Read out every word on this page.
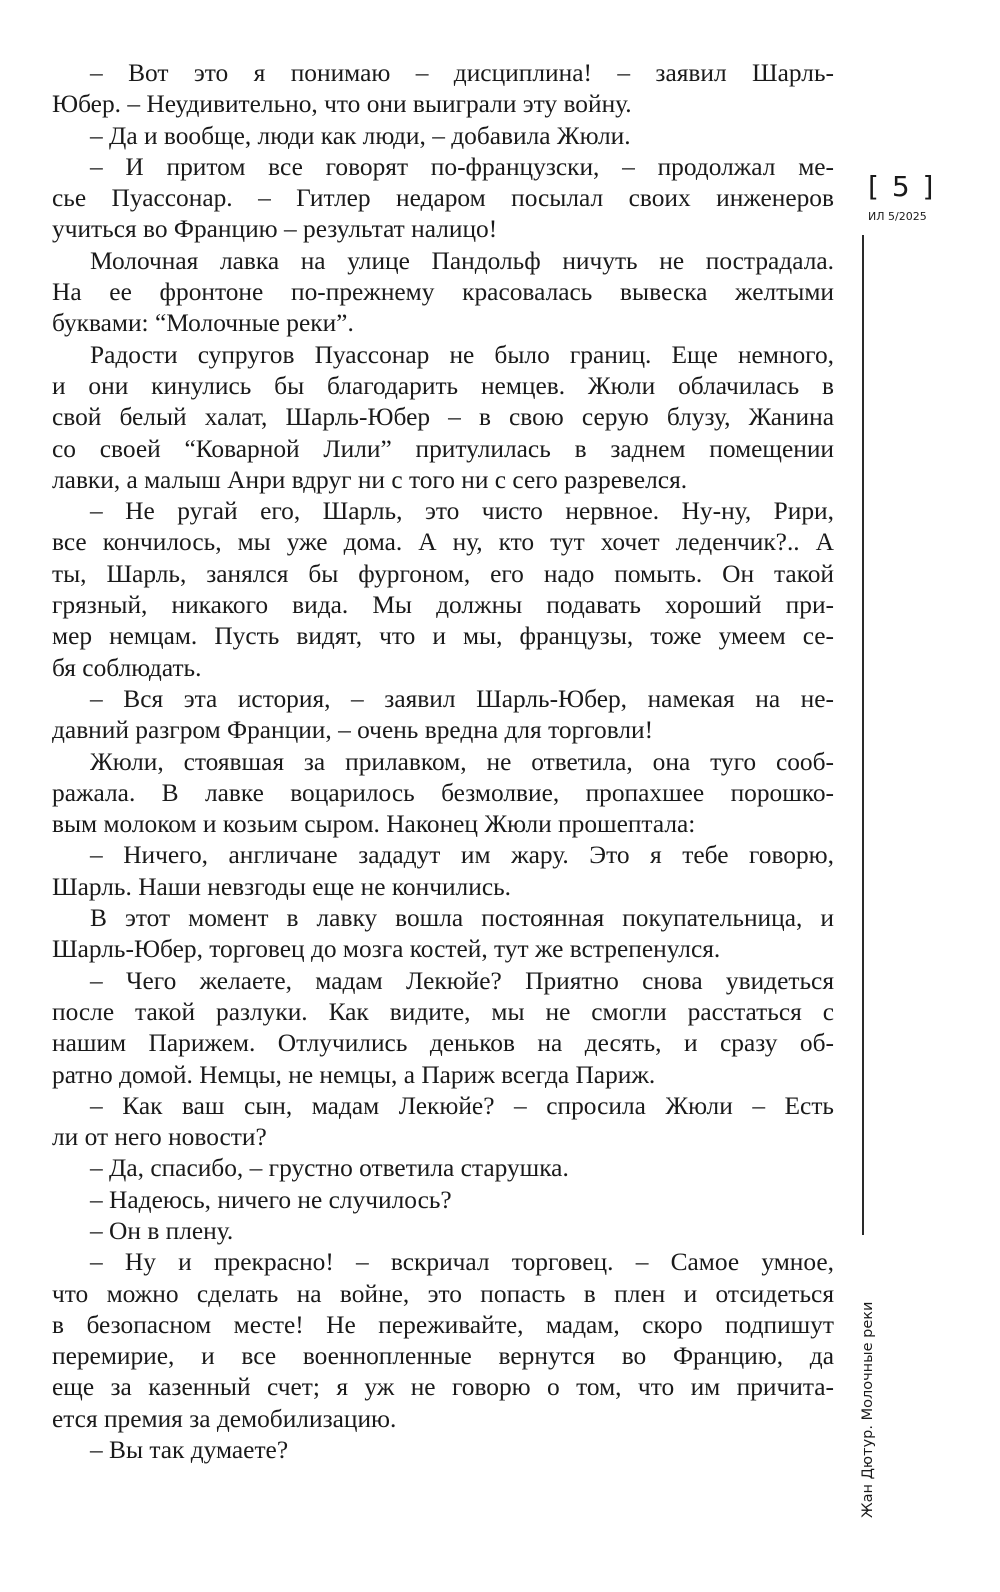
– Вот это я понимаю – дисциплина! – заявил Шарль-
Юбер. – Неудивительно, что они выиграли эту войну.
– Да и вообще, люди как люди, – добавила Жюли.
– И притом все говорят по-французски, – продолжал ме-
сье Пуассонар. – Гитлер недаром посылал своих инженеров
учиться во Францию – результат налицо!
Молочная лавка на улице Пандольф ничуть не пострадала.
На ее фронтоне по-прежнему красовалась вывеска желтыми
буквами: “Молочные реки”.
Радости супругов Пуассонар не было границ. Еще немного,
и они кинулись бы благодарить немцев. Жюли облачилась в
свой белый халат, Шарль-Юбер – в свою серую блузу, Жанина
со своей “Коварной Лили” притулилась в заднем помещении
лавки, а малыш Анри вдруг ни с того ни с сего разревелся.
– Не ругай его, Шарль, это чисто нервное. Ну-ну, Рири,
все кончилось, мы уже дома. А ну, кто тут хочет леденчик?.. А
ты, Шарль, занялся бы фургоном, его надо помыть. Он такой
грязный, никакого вида. Мы должны подавать хороший при-
мер немцам. Пусть видят, что и мы, французы, тоже умеем се-
бя соблюдать.
– Вся эта история, – заявил Шарль-Юбер, намекая на не-
давний разгром Франции, – очень вредна для торговли!
Жюли, стоявшая за прилавком, не ответила, она туго сооб-
ражала. В лавке воцарилось безмолвие, пропахшее порошко-
вым молоком и козьим сыром. Наконец Жюли прошептала:
– Ничего, англичане зададут им жару. Это я тебе говорю,
Шарль. Наши невзгоды еще не кончились.
В этот момент в лавку вошла постоянная покупательница, и
Шарль-Юбер, торговец до мозга костей, тут же встрепенулся.
– Чего желаете, мадам Лекюйе? Приятно снова увидеться
после такой разлуки. Как видите, мы не смогли расстаться с
нашим Парижем. Отлучились деньков на десять, и сразу об-
ратно домой. Немцы, не немцы, а Париж всегда Париж.
– Как ваш сын, мадам Лекюйе? – спросила Жюли – Есть
ли от него новости?
– Да, спасибо, – грустно ответила старушка.
– Надеюсь, ничего не случилось?
– Он в плену.
– Ну и прекрасно! – вскричал торговец. – Самое умное,
что можно сделать на войне, это попасть в плен и отсидеться
в безопасном месте! Не переживайте, мадам, скоро подпишут
перемирие, и все военнопленные вернутся во Францию, да
еще за казенный счет; я уж не говорю о том, что им причита-
ется премия за демобилизацию.
– Вы так думаете?
[ 5 ]
ИЛ 5/2025
Жан Дютур. Молочные реки
